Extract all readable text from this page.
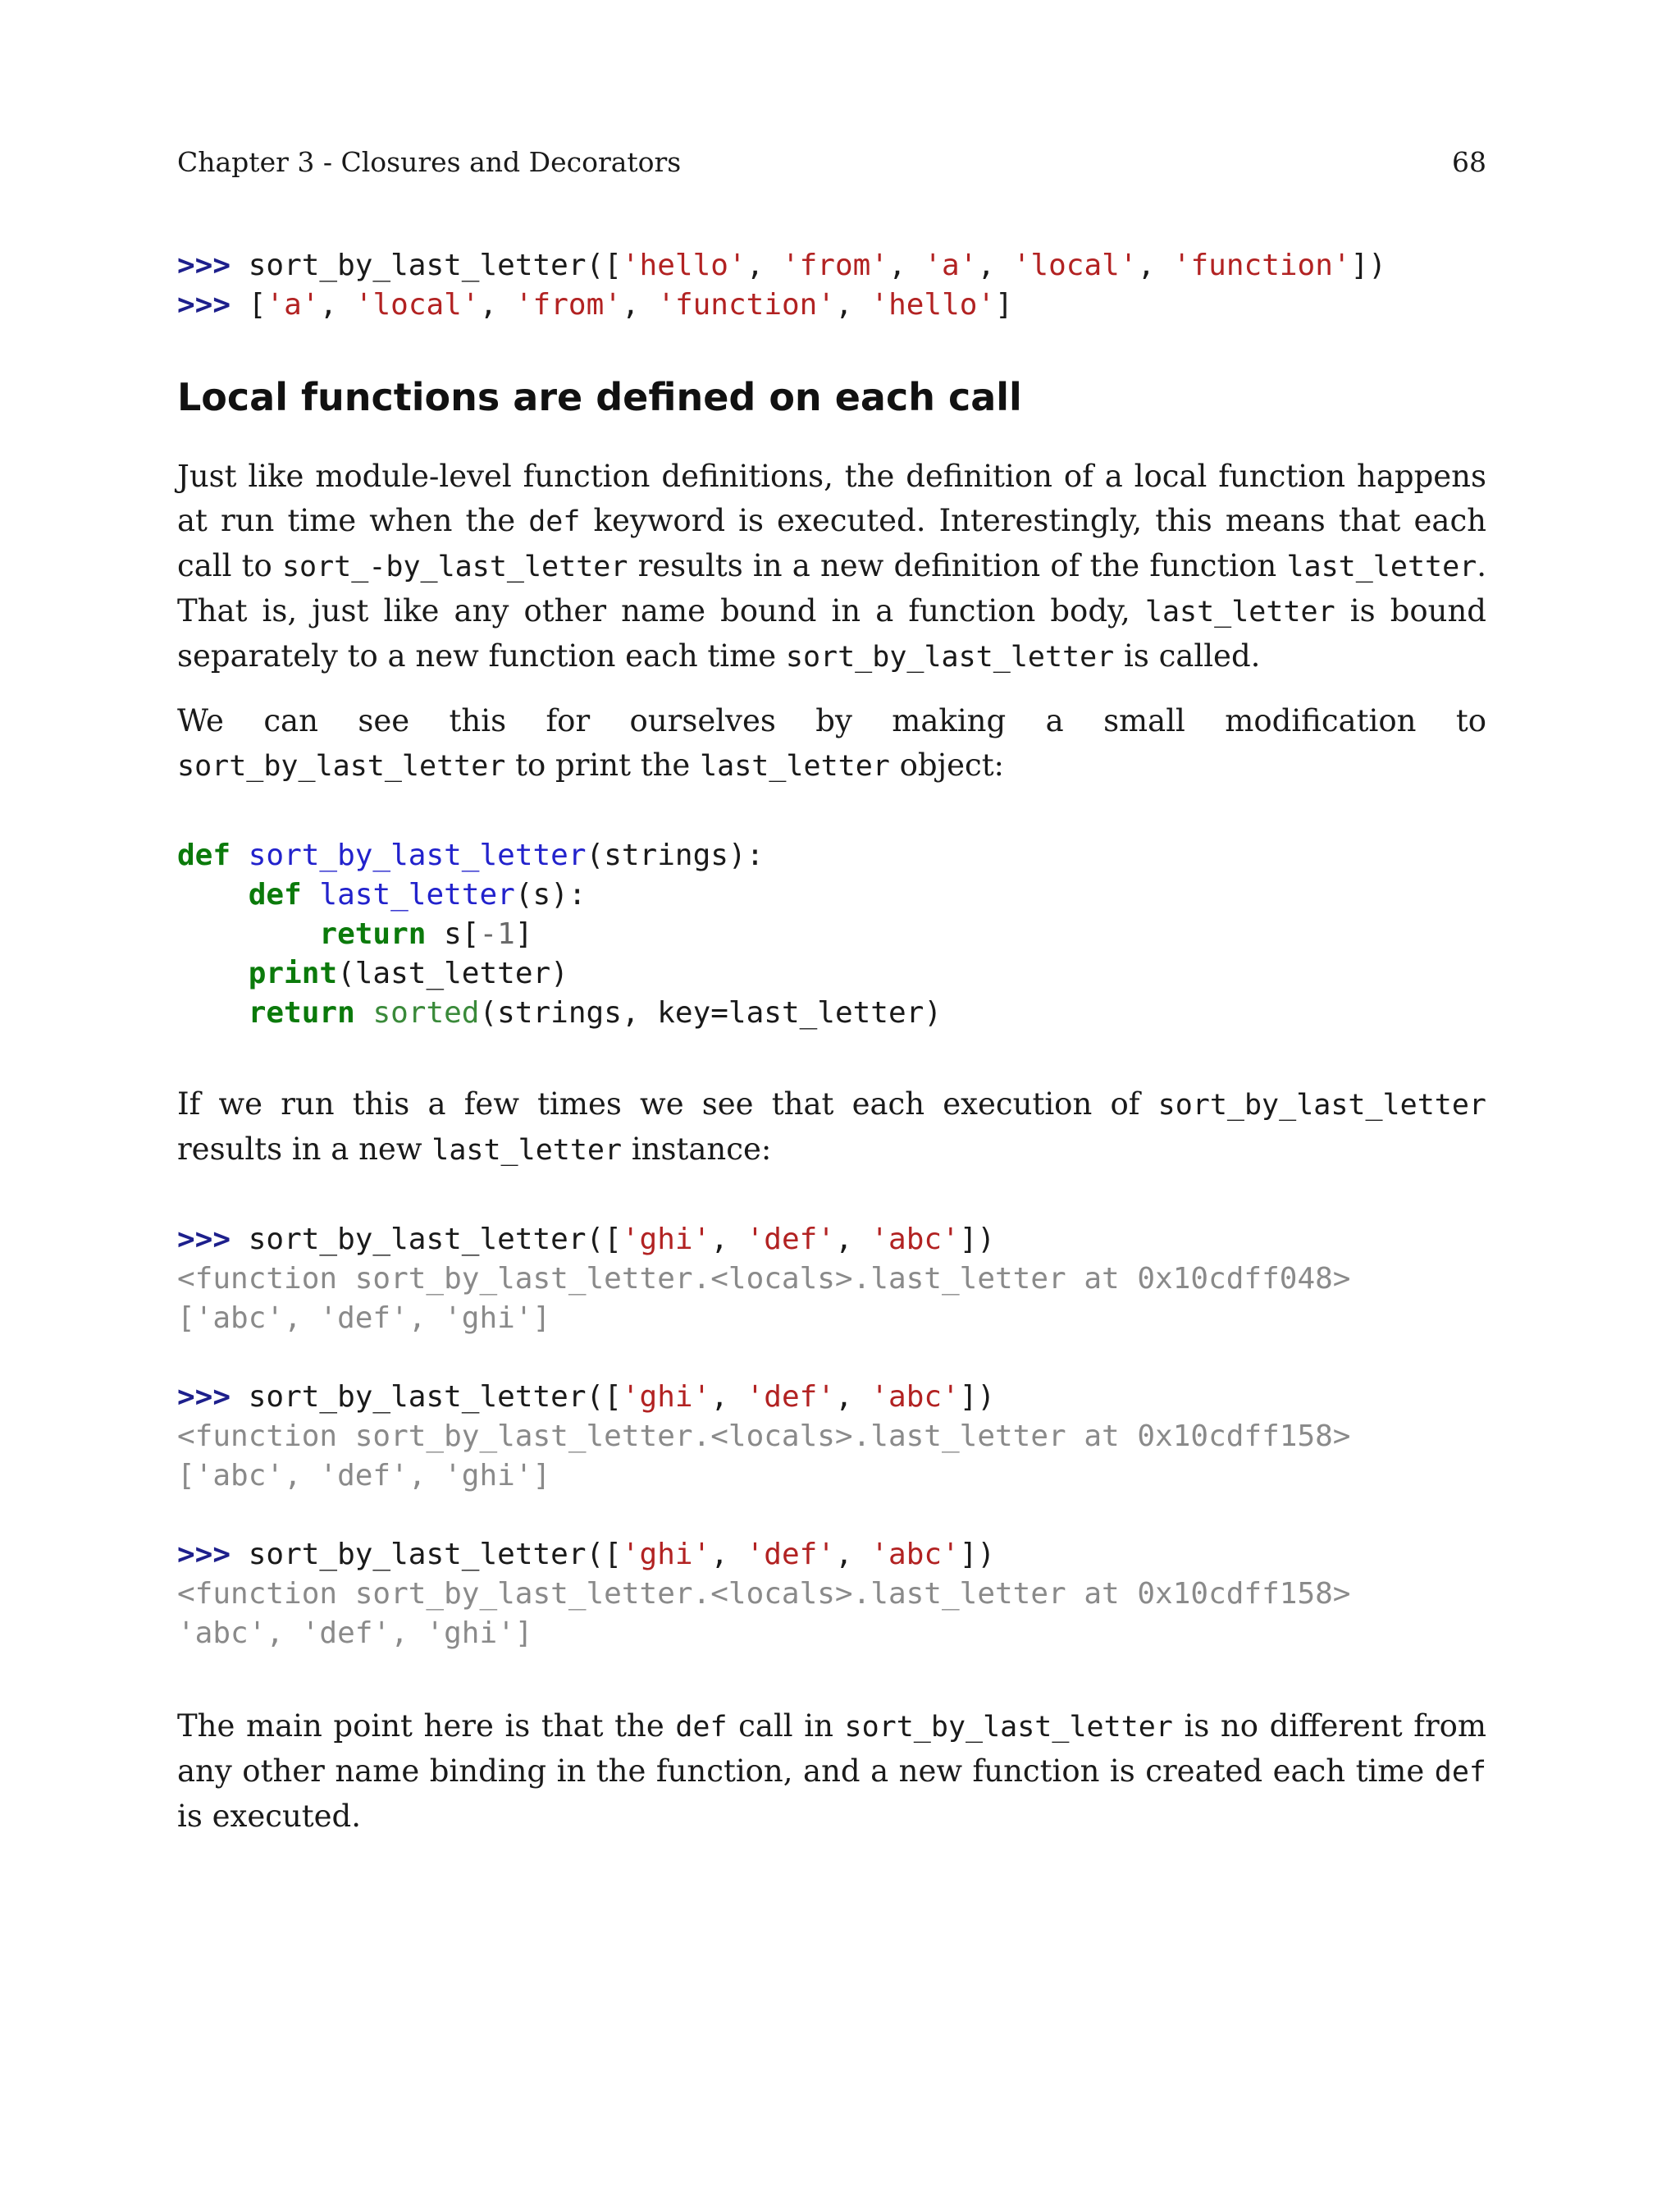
Chapter 3 - Closures and Decorators	68
>>> sort_by_last_letter(['hello', 'from', 'a', 'local', 'function'])
>>> ['a', 'local', 'from', 'function', 'hello']
Local functions are defined on each call

Just like module-level function definitions, the definition of a local function happens at run time when the def keyword is executed. Interestingly, this means that each call to sort_-by_last_letter results in a new definition of the function last_letter. That is, just like any other name bound in a function body, last_letter is bound separately to a new function each time sort_by_last_letter is called.

We can see this for ourselves by making a small modification to sort_by_last_letter to print the last_letter object:

def sort_by_last_letter(strings):
def last_letter(s):
return s[-1]
print(last_letter)
return sorted(strings, key=last_letter)

If we run this a few times we see that each execution of sort_by_last_letter results in a new last_letter instance:

>>> sort_by_last_letter(['ghi', 'def', 'abc'])
<function sort_by_last_letter.<locals>.last_letter at 0x10cdff048>
['abc', 'def', 'ghi']
>>> sort_by_last_letter(['ghi', 'def', 'abc'])
<function sort_by_last_letter.<locals>.last_letter at 0x10cdff158>
['abc', 'def', 'ghi']
>>> sort_by_last_letter(['ghi', 'def', 'abc'])
<function sort_by_last_letter.<locals>.last_letter at 0x10cdff158>
'abc', 'def', 'ghi']

The main point here is that the def call in sort_by_last_letter is no different from any other name binding in the function, and a new function is created each time def is executed.
